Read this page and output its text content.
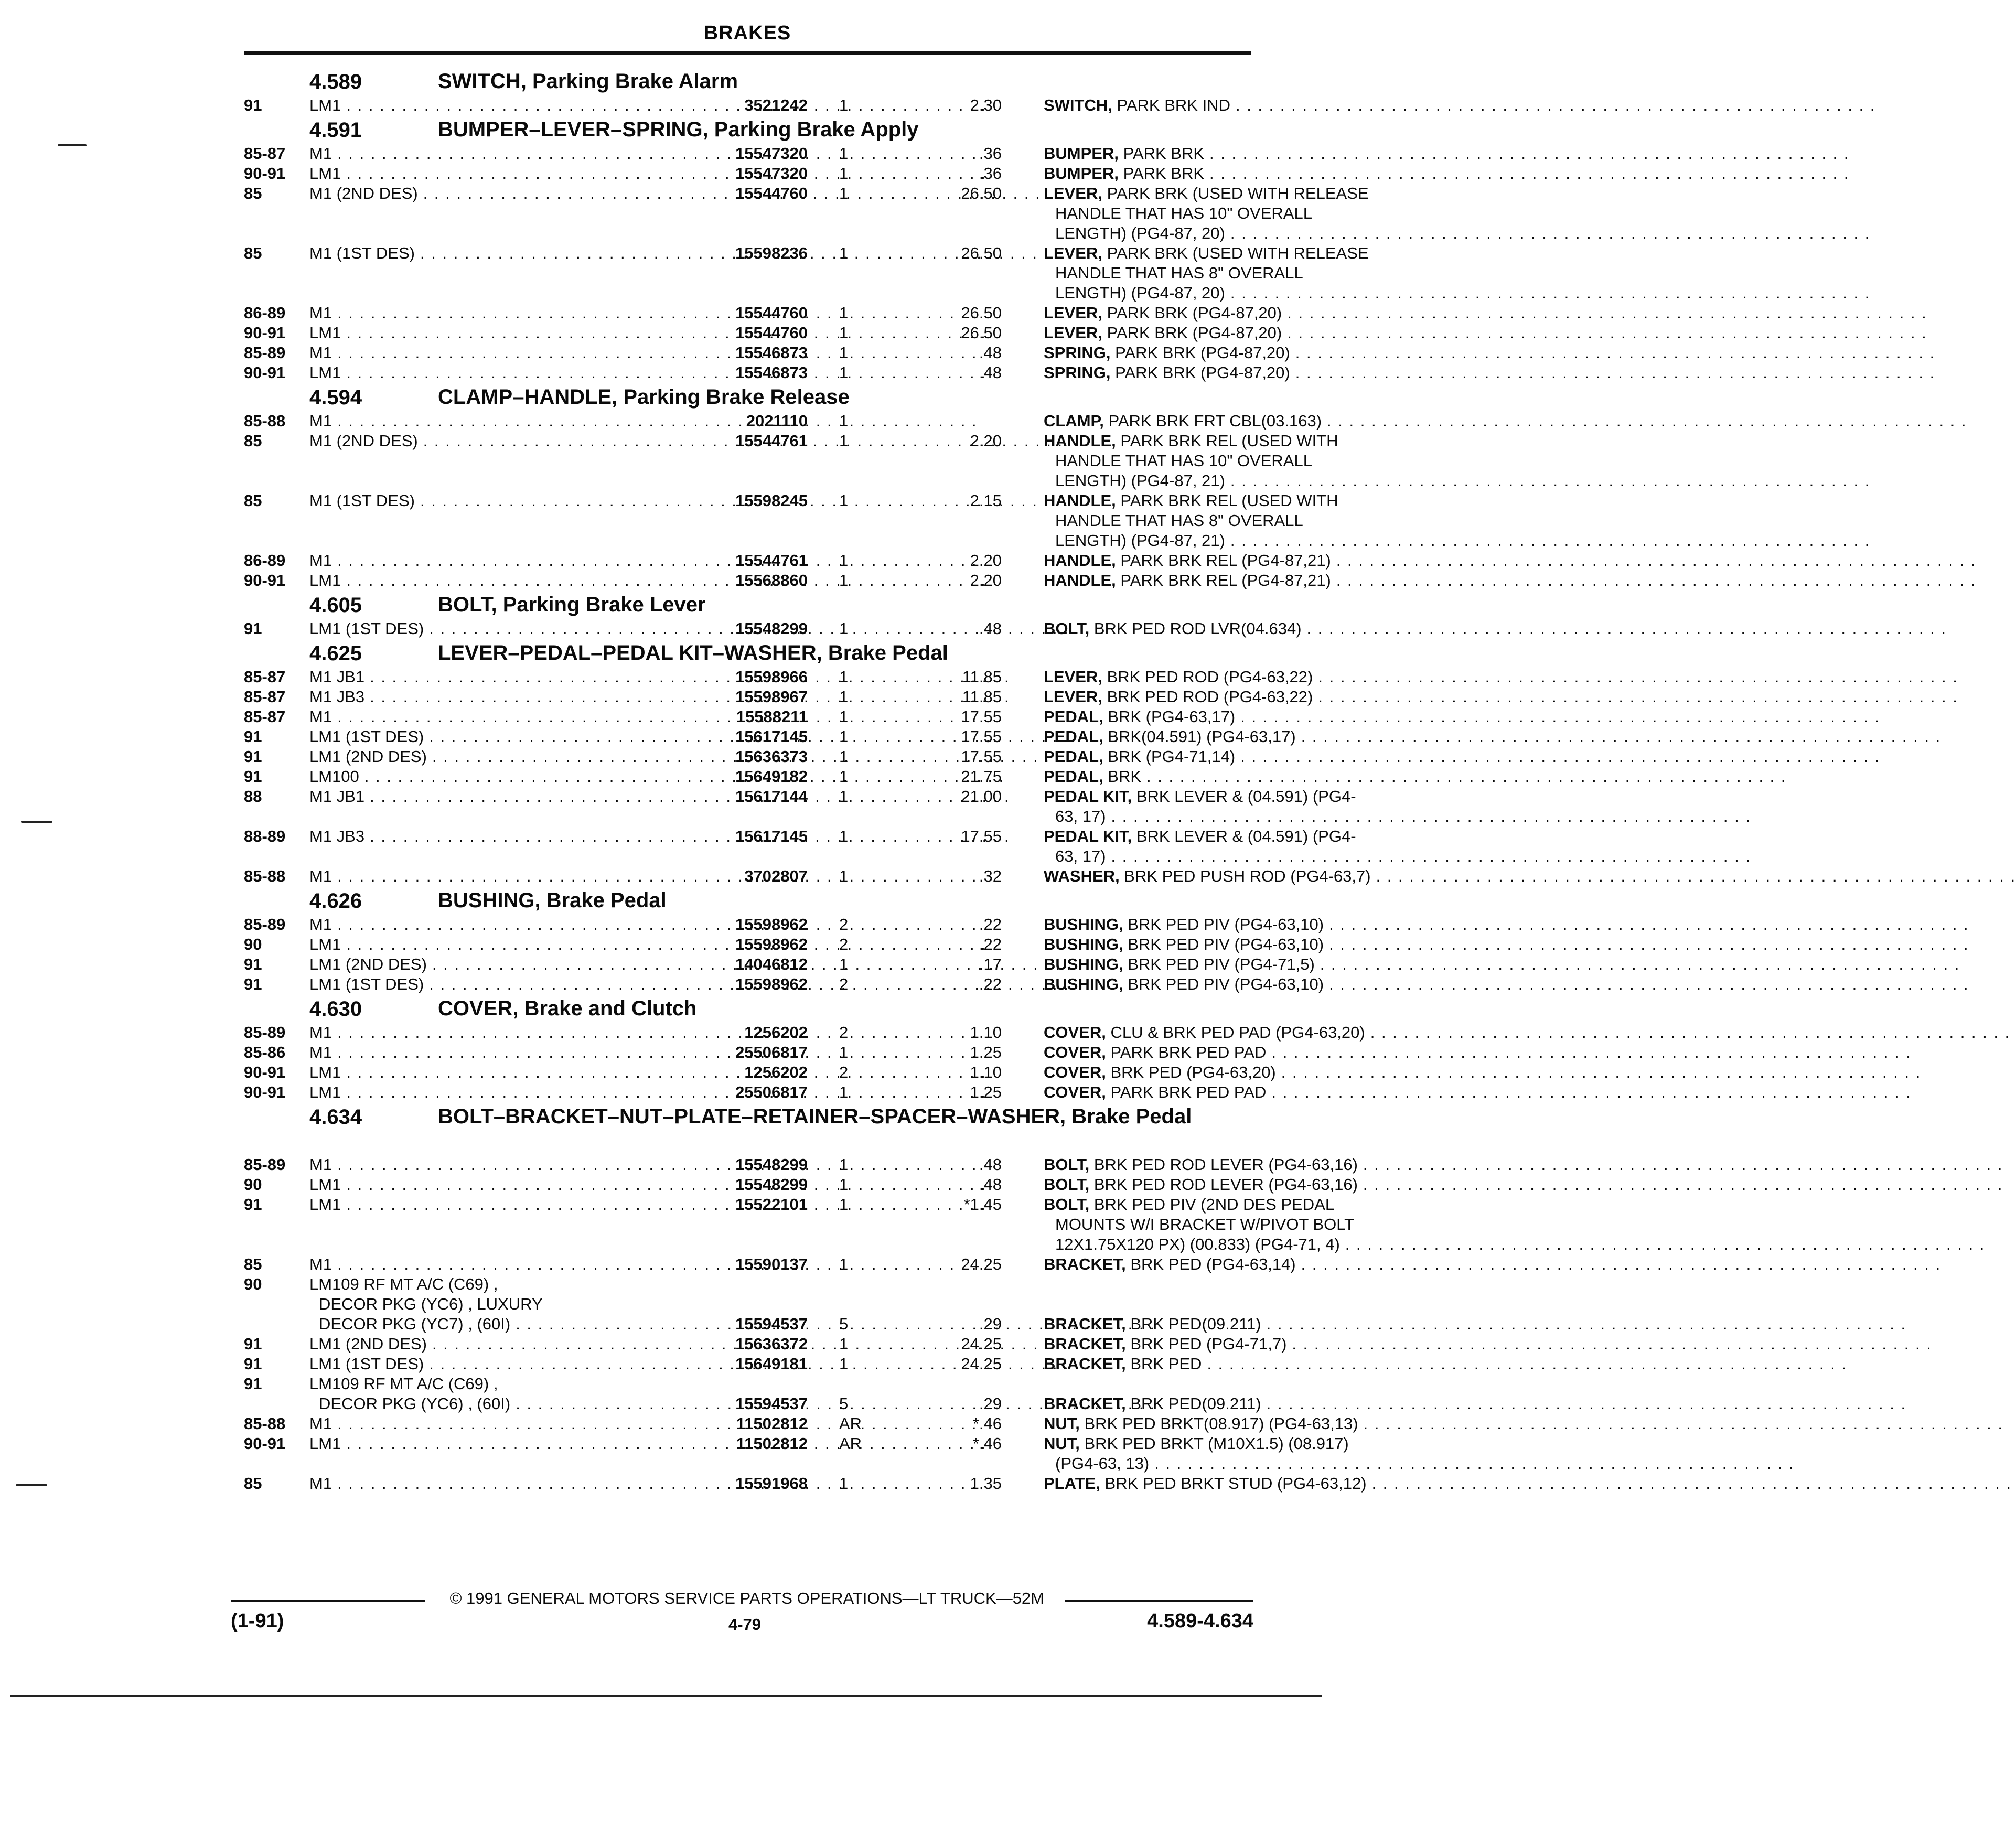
BRAKES
4.589	SWITCH, Parking Brake Alarm
91	LM1 . . .	3521242 1	2.30	SWITCH, PARK BRK IND
. . .
4.591	BUMPER–LEVER–SPRING, Parking Brake Apply
85-87	M1 . . .	15547320 1	.36	BUMPER, PARK BRK
. . .
90-91	LM1 . . .	15547320 1	.36	BUMPER, PARK BRK
. . .
85	M1 (2ND DES) . . .	15544760 1	26.50	LEVER, PARK BRK (USED WITH RELEASE
HANDLE THAT HAS 10" OVERALL
LENGTH) (PG4-87, 20)
. . .
85	M1 (1ST DES) . . .	15598236 1	26.50	LEVER, PARK BRK (USED WITH RELEASE
HANDLE THAT HAS 8" OVERALL
LENGTH) (PG4-87, 20)
. . .
86-89	M1 . . .	15544760 1	26.50	LEVER, PARK BRK (PG4-87,20)
. . .
90-91	LM1 . . .	15544760 1	26.50	LEVER, PARK BRK (PG4-87,20)
. . .
85-89	M1 . . .	15546873 1	.48	SPRING, PARK BRK (PG4-87,20)
. . .
90-91	LM1 . . .	15546873 1	.48	SPRING, PARK BRK (PG4-87,20)
. . .
4.594	CLAMP–HANDLE, Parking Brake Release
85-88	M1 . . .	2021110 1	CLAMP, PARK BRK FRT CBL(03.163)
. . .
85	M1 (2ND DES) . . .	15544761 1	2.20	HANDLE, PARK BRK REL (USED WITH
HANDLE THAT HAS 10" OVERALL
LENGTH) (PG4-87, 21)
. . .
85	M1 (1ST DES) . . .	15598245 1	2.15	HANDLE, PARK BRK REL (USED WITH
HANDLE THAT HAS 8" OVERALL
LENGTH) (PG4-87, 21)
. . .
86-89	M1 . . .	15544761 1	2.20	HANDLE, PARK BRK REL (PG4-87,21)
. . .
90-91	LM1 . . .	15568860 1	2.20	HANDLE, PARK BRK REL (PG4-87,21)
. . .
4.605	BOLT, Parking Brake Lever
91	LM1 (1ST DES) . . .	15548299 1	.48	BOLT, BRK PED ROD LVR(04.634)
. . .
4.625	LEVER–PEDAL–PEDAL KIT–WASHER, Brake Pedal
85-87	M1 JB1 . . .	15598966 1	11.85	LEVER, BRK PED ROD (PG4-63,22)
. . .
85-87	M1 JB3 . . .	15598967 1	11.85	LEVER, BRK PED ROD (PG4-63,22)
. . .
85-87	M1 . . .	15588211 1	17.55	PEDAL, BRK (PG4-63,17)
. . .
91	LM1 (1ST DES) . . .	15617145 1	17.55	PEDAL, BRK(04.591) (PG4-63,17)
. . .
91	LM1 (2ND DES) . . .	15636373 1	17.55	PEDAL, BRK (PG4-71,14)
. . .
91	LM100 . . .	15649182 1	21.75	PEDAL, BRK
. . .
88	M1 JB1 . . .	15617144 1	21.00	PEDAL KIT, BRK LEVER & (04.591) (PG4-
63, 17)
. . .
88-89	M1 JB3 . . .	15617145 1	17.55	PEDAL KIT, BRK LEVER & (04.591) (PG4-
63, 17)
. . .
85-88	M1 . . .	3702807 1	.32	WASHER, BRK PED PUSH ROD (PG4-63,7)
. . .
4.626	BUSHING, Brake Pedal
85-89	M1 . . .	15598962 2	.22	BUSHING, BRK PED PIV (PG4-63,10)
. . .
90	LM1 . . .	15598962 2	.22	BUSHING, BRK PED PIV (PG4-63,10)
. . .
91	LM1 (2ND DES) . . .	14046812 1	.17	BUSHING, BRK PED PIV (PG4-71,5)
. . .
91	LM1 (1ST DES) . . .	15598962 2	.22	BUSHING, BRK PED PIV (PG4-63,10)
. . .
4.630	COVER, Brake and Clutch
85-89	M1 . . .	1256202 2	1.10	COVER, CLU & BRK PED PAD (PG4-63,20)
. . .
85-86	M1 . . .	25506817 1	1.25	COVER, PARK BRK PED PAD
. . .
90-91	LM1 . . .	1256202 2	1.10	COVER, BRK PED (PG4-63,20)
. . .
90-91	LM1 . . .	25506817 1	1.25	COVER, PARK BRK PED PAD
. . .
4.634	BOLT–BRACKET–NUT–PLATE–RETAINER–SPACER–WASHER, Brake Pedal
85-89	M1 . . .	15548299 1	.48	BOLT, BRK PED ROD LEVER (PG4-63,16)
. . .
90	LM1 . . .	15548299 1	.48	BOLT, BRK PED ROD LEVER (PG4-63,16)
. . .
91	LM1 . . .	15522101 1	*1.45	BOLT, BRK PED PIV (2ND DES PEDAL
MOUNTS W/I BRACKET W/PIVOT BOLT
12X1.75X120 PX) (00.833) (PG4-71, 4)
. . .
85	M1 . . .	15590137 1	24.25	BRACKET, BRK PED (PG4-63,14)
. . .
90	LM109 RF MT A/C (C69) ,
DECOR PKG (YC6) , LUXURY
DECOR PKG (YC7) , (60I) . . .	15594537 5	.29	BRACKET, BRK PED(09.211)
. . .
91	LM1 (2ND DES) . . .	15636372 1	24.25	BRACKET, BRK PED (PG4-71,7)
. . .
91	LM1 (1ST DES) . . .	15649181 1	24.25	BRACKET, BRK PED
. . .
91	LM109 RF MT A/C (C69) ,
DECOR PKG (YC6) , (60I) . . .	15594537 5	.29	BRACKET, BRK PED(09.211)
. . .
85-88	M1 . . .	11502812 AR	*.46	NUT, BRK PED BRKT(08.917) (PG4-63,13)
. . .
90-91	LM1 . . .	11502812 AR	*.46	NUT, BRK PED BRKT (M10X1.5) (08.917)
(PG4-63, 13)
. . .
85	M1 . . .	15591968 1	1.35	PLATE, BRK PED BRKT STUD (PG4-63,12)
. . .
© 1991 GENERAL MOTORS SERVICE PARTS OPERATIONS—LT TRUCK—52M
(1-91)	4-79	4.589-4.634
